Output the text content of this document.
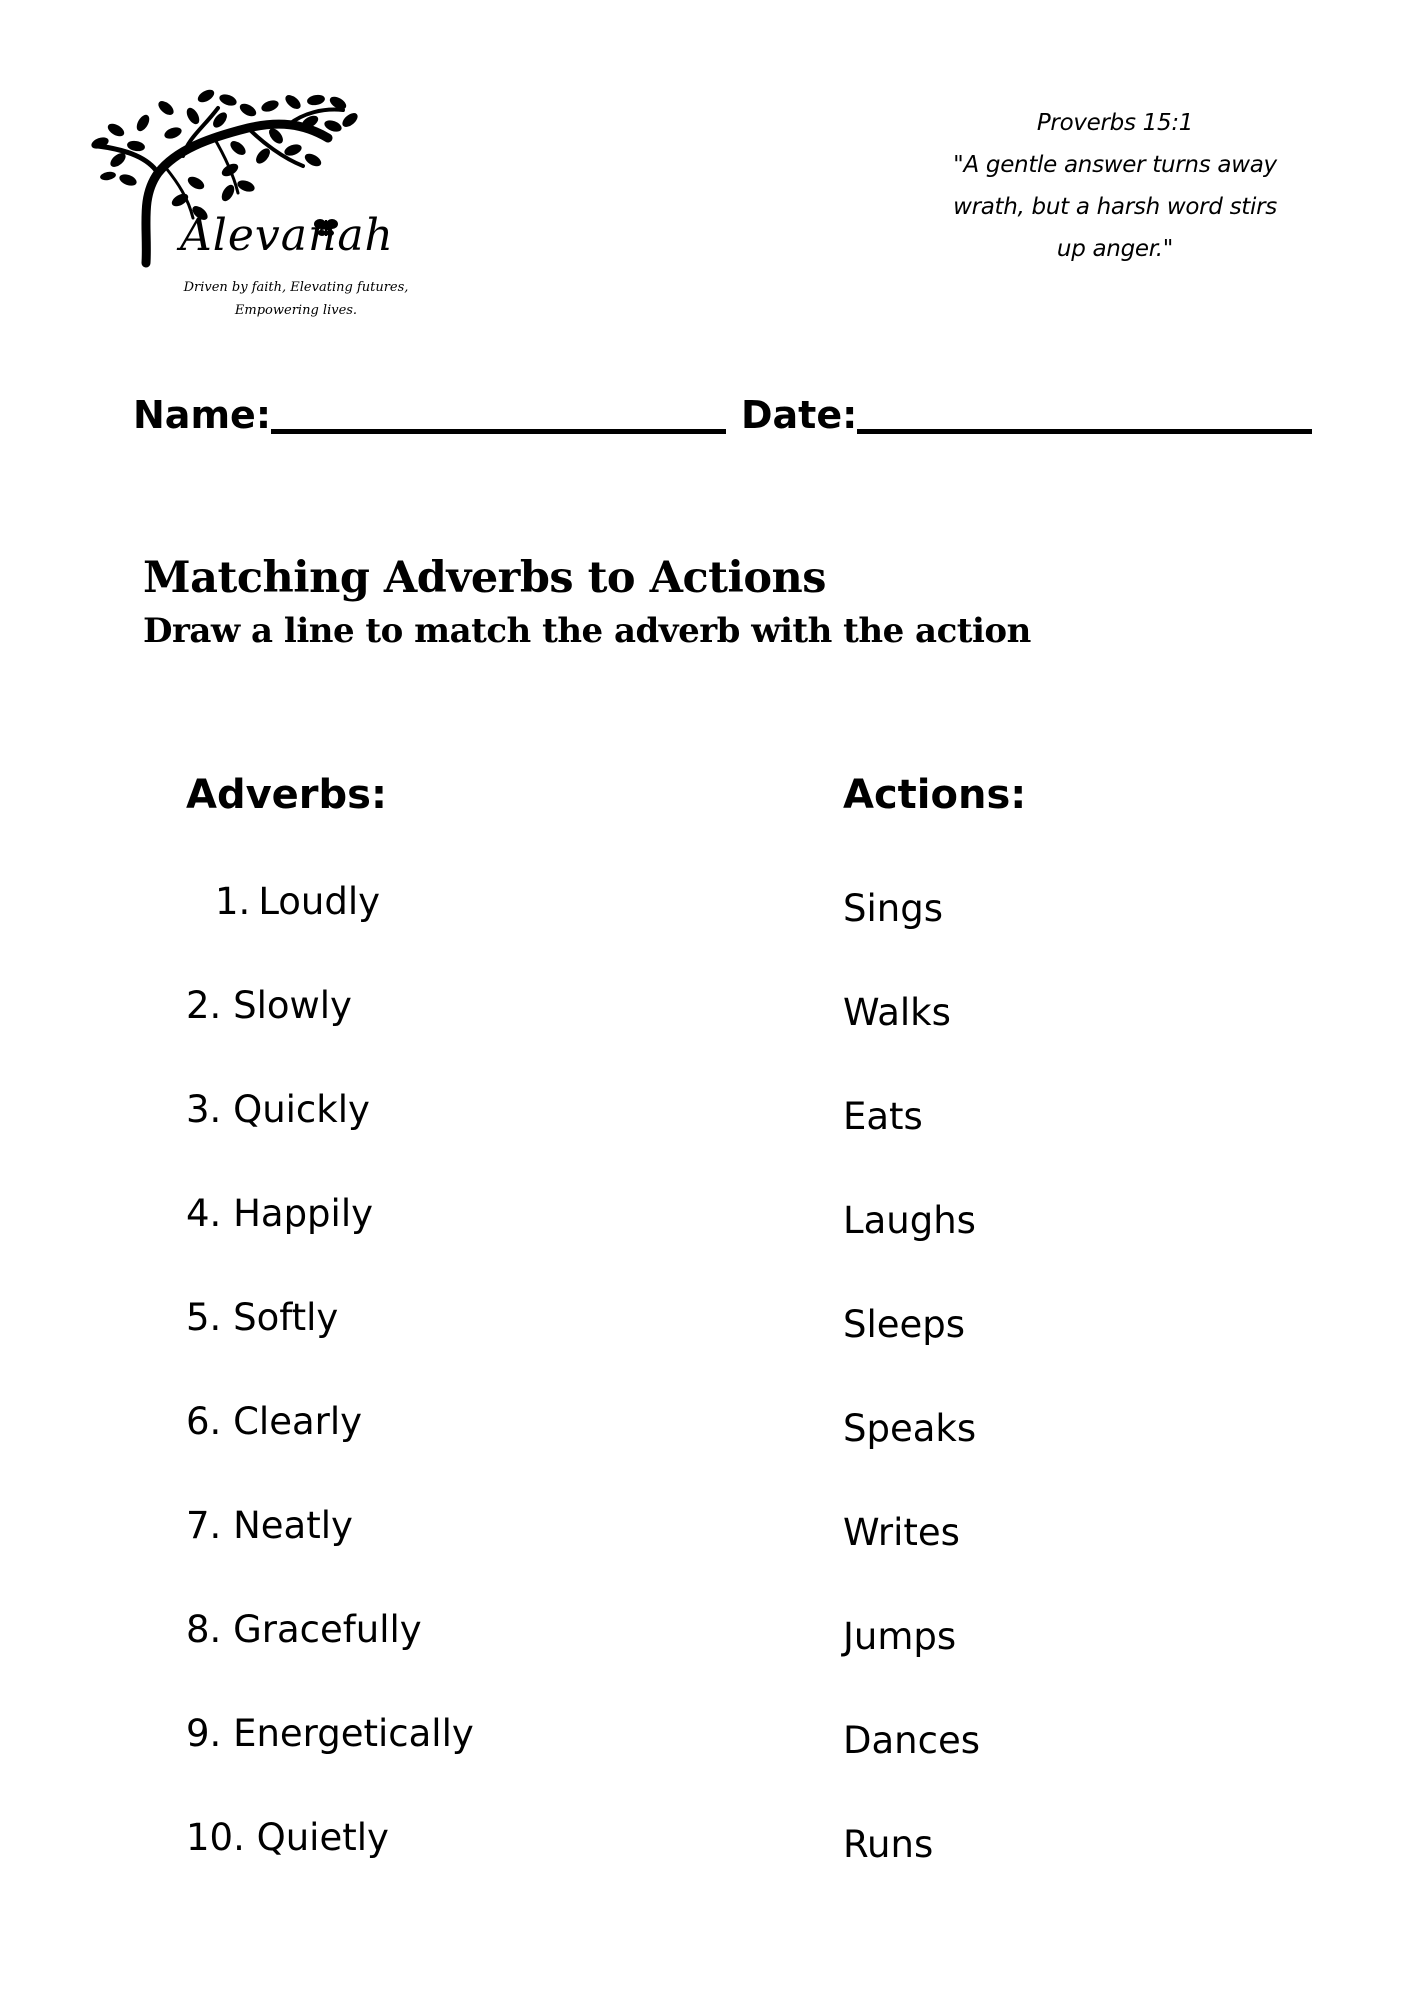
Alevanah
Driven by faith, Elevating futures,
Empowering lives.
Proverbs 15:1
"A gentle answer turns away
wrath, but a harsh word stirs
up anger."
Name:	Date:
Matching Adverbs to Actions
Draw a line to match the adverb with the action
Adverbs:	Actions:
1. Loudly
2. Slowly
3. Quickly
4. Happily
5. Softly
6. Clearly
7. Neatly
8. Gracefully
9. Energetically
10. Quietly
Sings
Walks
Eats
Laughs
Sleeps
Speaks
Writes
Jumps
Dances
Runs
